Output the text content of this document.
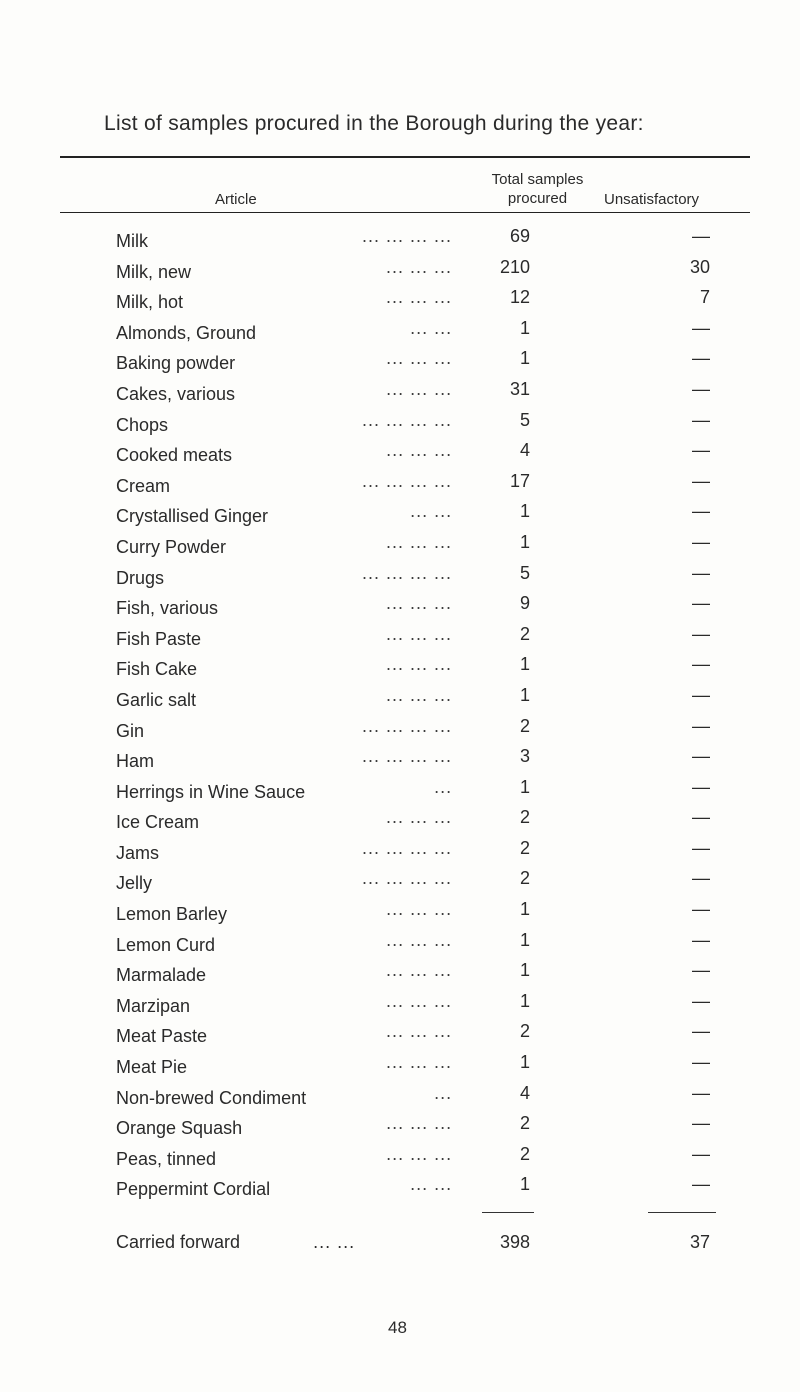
List of samples procured in the Borough during the year:
Article
Total samples procured	Unsatisfactory
Milk	... ... ... ...	69	—
Milk, new	... ... ...	210	30
Milk, hot	... ... ...	12	7
Almonds, Ground	... ...	1	—
Baking powder	... ... ...	1	—
Cakes, various	... ... ...	31	—
Chops	... ... ... ...	5	—
Cooked meats	... ... ...	4	—
Cream	... ... ... ...	17	—
Crystallised Ginger	... ...	1	—
Curry Powder	... ... ...	1	—
Drugs	... ... ... ...	5	—
Fish, various	... ... ...	9	—
Fish Paste	... ... ...	2	—
Fish Cake	... ... ...	1	—
Garlic salt	... ... ...	1	—
Gin	... ... ... ...	2	—
Ham	... ... ... ...	3	—
Herrings in Wine Sauce	...	1	—
Ice Cream	... ... ...	2	—
Jams	... ... ... ...	2	—
Jelly	... ... ... ...	2	—
Lemon Barley	... ... ...	1	—
Lemon Curd	... ... ...	1	—
Marmalade	... ... ...	1	—
Marzipan	... ... ...	1	—
Meat Paste	... ... ...	2	—
Meat Pie	... ... ...	1	—
Non-brewed Condiment	...	4	—
Orange Squash	... ... ...	2	—
Peas, tinned	... ... ...	2	—
Peppermint Cordial	... ...	1	—
Carried forward	... ...	398	37
48
